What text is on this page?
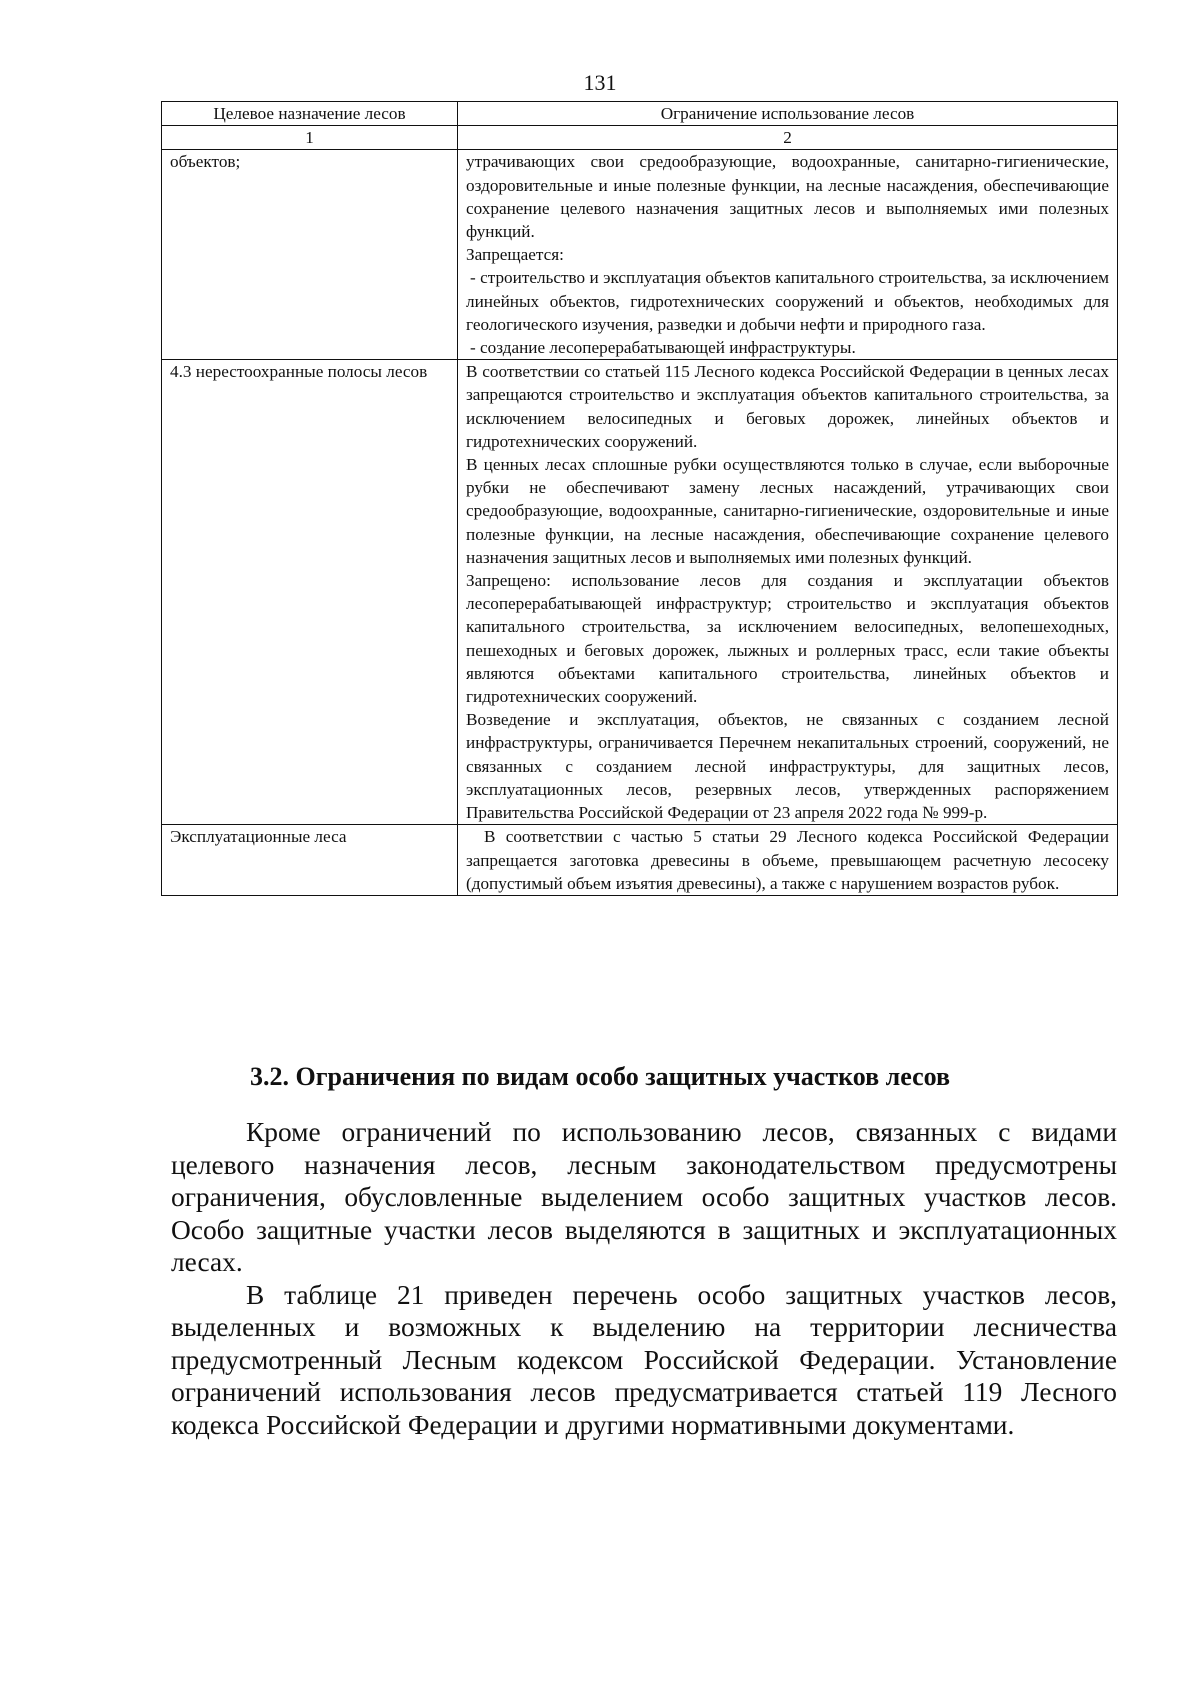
131
Целевое назначение лесов	Ограничение использование лесов
1	2

объектов;	утрачивающих свои средообразующие, водоохранные, санитарно-гигиенические, оздоровительные и иные полезные функции, на лесные насаждения, обеспечивающие сохранение целевого назначения защитных лесов и выполняемых ими полезных функций.

Запрещается:

- строительство и эксплуатация объектов капитального строительства, за исключением линейных объектов, гидротехнических сооружений и объектов, необходимых для геологического изучения, разведки и добычи нефти и природного газа.

- создание лесоперерабатывающей инфраструктуры.

4.3 нерестоохранные полосы лесов	В соответствии со статьей 115 Лесного кодекса Российской Федерации в ценных лесах запрещаются строительство и эксплуатация объектов капитального строительства, за исключением велосипедных и беговых дорожек, линейных объектов и гидротехнических сооружений.

В ценных лесах сплошные рубки осуществляются только в случае, если выборочные рубки не обеспечивают замену лесных насаждений, утрачивающих свои средообразующие, водоохранные, санитарно-гигиенические, оздоровительные и иные полезные функции, на лесные насаждения, обеспечивающие сохранение целевого назначения защитных лесов и выполняемых ими полезных функций.

Запрещено: использование лесов для создания и эксплуатации объектов лесоперерабатывающей инфраструктур; строительство и эксплуатация объектов капитального строительства, за исключением велосипедных, велопешеходных, пешеходных и беговых дорожек, лыжных и роллерных трасс, если такие объекты являются объектами капитального строительства, линейных объектов и гидротехнических сооружений.

Возведение и эксплуатация, объектов, не связанных с созданием лесной инфраструктуры, ограничивается Перечнем некапитальных строений, сооружений, не связанных с созданием лесной инфраструктуры, для защитных лесов, эксплуатационных лесов, резервных лесов, утвержденных распоряжением Правительства Российской Федерации от 23 апреля 2022 года № 999-р.

Эксплуатационные леса	В соответствии с частью 5 статьи 29 Лесного кодекса Российской Федерации запрещается заготовка древесины в объеме, превышающем расчетную лесосеку (допустимый объем изъятия древесины), а также с нарушением возрастов рубок.

3.2. Ограничения по видам особо защитных участков лесов

Кроме ограничений по использованию лесов, связанных с видами целевого назначения лесов, лесным законодательством предусмотрены ограничения, обусловленные выделением особо защитных участков лесов. Особо защитные участки лесов выделяются в защитных и эксплуатационных лесах.

В таблице 21 приведен перечень особо защитных участков лесов, выделенных и возможных к выделению на территории лесничества предусмотренный Лесным кодексом Российской Федерации. Установление ограничений использования лесов предусматривается статьей 119 Лесного кодекса Российской Федерации и другими нормативными документами.
